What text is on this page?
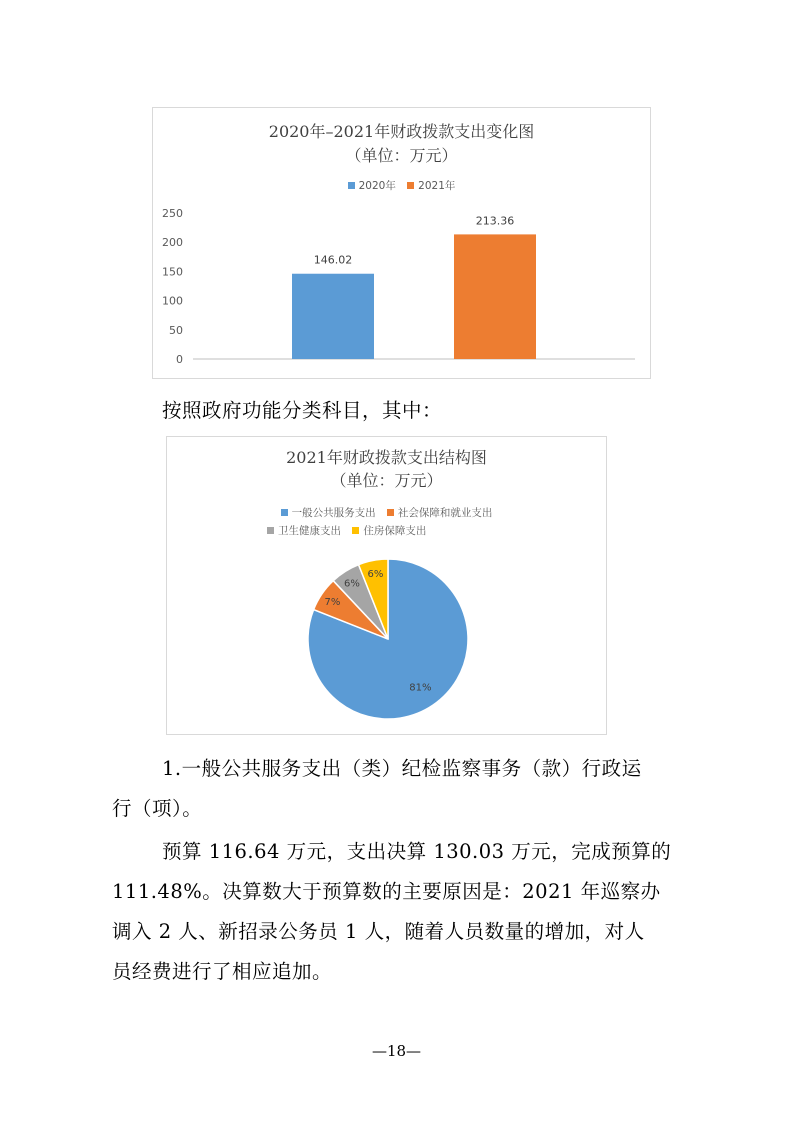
2020年–2021年财政拨款支出变化图
（单位：万元）
2020年
2021年
250
200
150
100
50
0
146.02
213.36
按照政府功能分类科目，其中：
2021年财政拨款支出结构图
（单位：万元）
一般公共服务支出
社会保障和就业支出
卫生健康支出
住房保障支出
81%
7%
6%
6%
1.一般公共服务支出（类）纪检监察事务（款）行政运
行（项）。
预算 116.64 万元，支出决算 130.03 万元，完成预算的
111.48%。决算数大于预算数的主要原因是：2021 年巡察办
调入 2 人、新招录公务员 1 人，随着人员数量的增加，对人
员经费进行了相应追加。
—18—
